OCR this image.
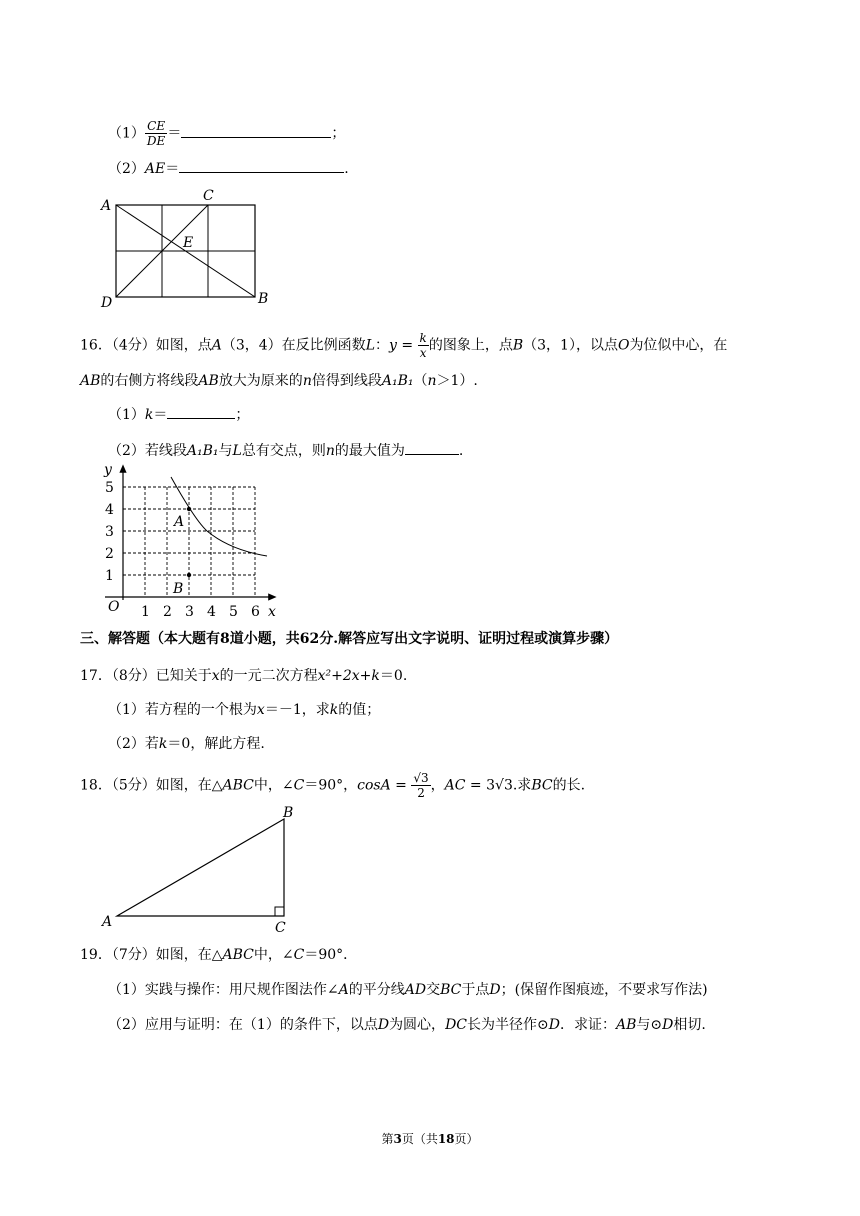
$(1) \frac{CE}{DE}$ ＝	；
（2）AE＝	.
A
C
E
D	B
16．（4分）如图，点A（3，4）在反比例函数L：$y = \frac{k}{x}$ 的图象上，点B（3，1），以点O为位似中心，在
AB的右侧方将线段AB放大为原来的n倍得到线段A₁B₁（n＞1）.
（1）k＝	；
（2）若线段A₁B₁与L总有交点，则n的最大值为	.
y
x
O
5
4
3
2
1
1 2 3 4 5 6
A
B
三、解答题（本大题有8道小题，共62分.解答应写出文字说明、证明过程或演算步骤）
17．（8分）已知关于x的一元二次方程x²+2x+k＝0.
（1）若方程的一个根为x＝－1，求k的值；
（2）若k＝0，解此方程.
18．（5分）如图，在△ABC中，∠C＝90°，$\cos A = \frac{√3}{2}$ ，AC = 3√3.求BC的长.
B
A	C
19．（7分）如图，在△ABC中，∠C＝90°．
（1）实践与操作：用尺规作图法作∠A的平分线AD交BC于点D；(保留作图痕迹，不要求写作法)
（2）应用与证明：在（1）的条件下，以点D为圆心，DC长为半径作⊙D．求证：AB与⊙D相切.
第3页（共18页）
